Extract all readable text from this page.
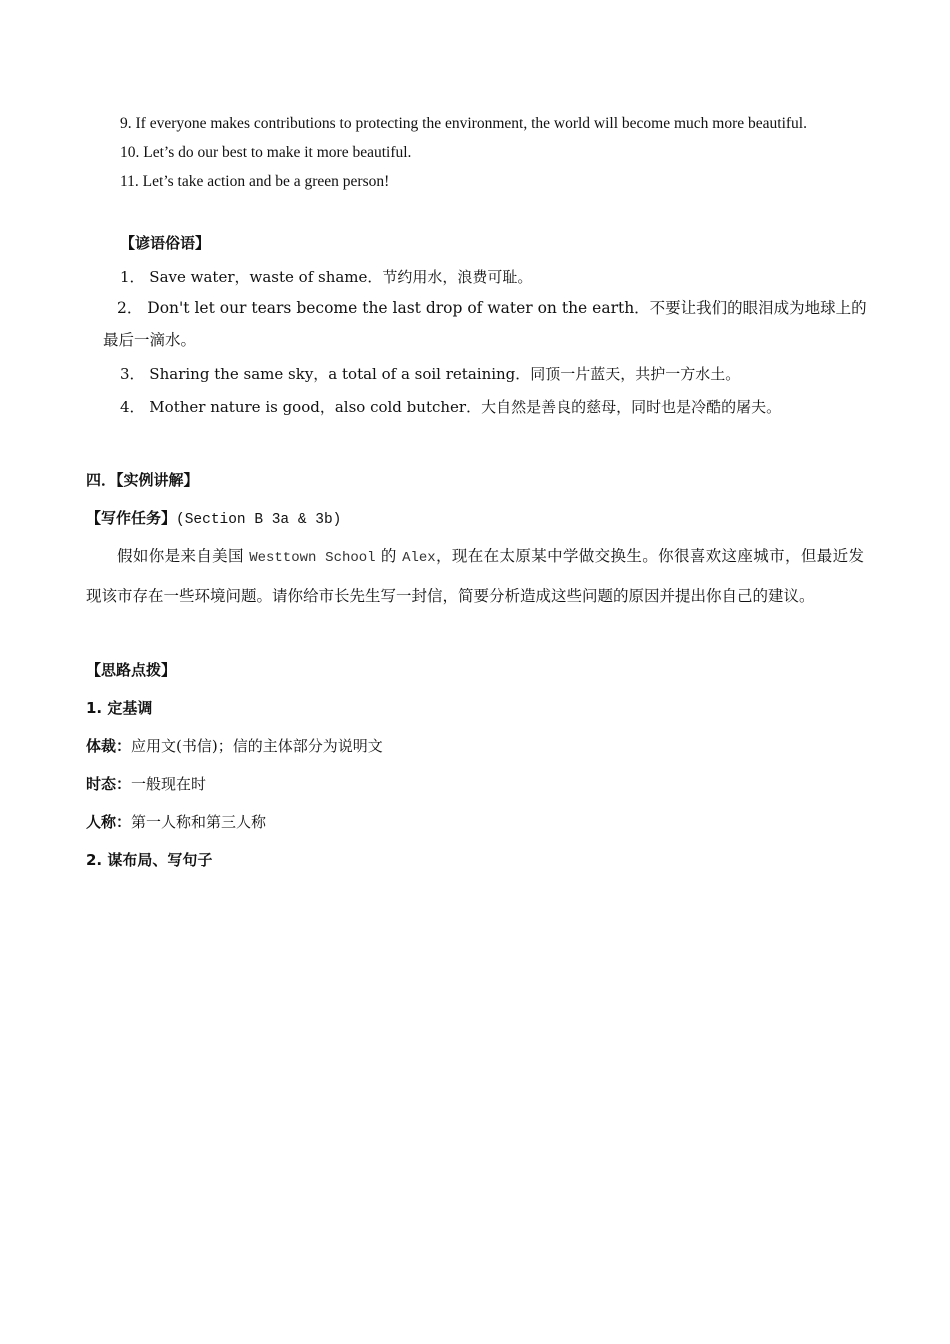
9. If everyone makes contributions to protecting the environment, the world will become much more beautiful.
10. Let’s do our best to make it more beautiful.
11. Let’s take action and be a green person!
【谚语俗语】
1． Save water，waste of shame．节约用水，浪费可耻。
2． Don't let our tears become the last drop of water on the earth．不要让我们的眼泪成为地球上的最后一滴水。
3． Sharing the same sky，a total of a soil retaining．同顶一片蓝天，共护一方水土。
4． Mother nature is good，also cold butcher．大自然是善良的慈母，同时也是冷酷的屠夫。
四．【实例讲解】
【写作任务】(Section B 3a & 3b)
假如你是来自美国 Westtown School 的 Alex，现在在太原某中学做交换生。你很喜欢这座城市，但最近发现该市存在一些环境问题。请你给市长先生写一封信，简要分析造成这些问题的原因并提出你自己的建议。
【思路点拨】
1. 定基调
体裁：应用文(书信)；信的主体部分为说明文
时态：一般现在时
人称：第一人称和第三人称
2. 谋布局、写句子
